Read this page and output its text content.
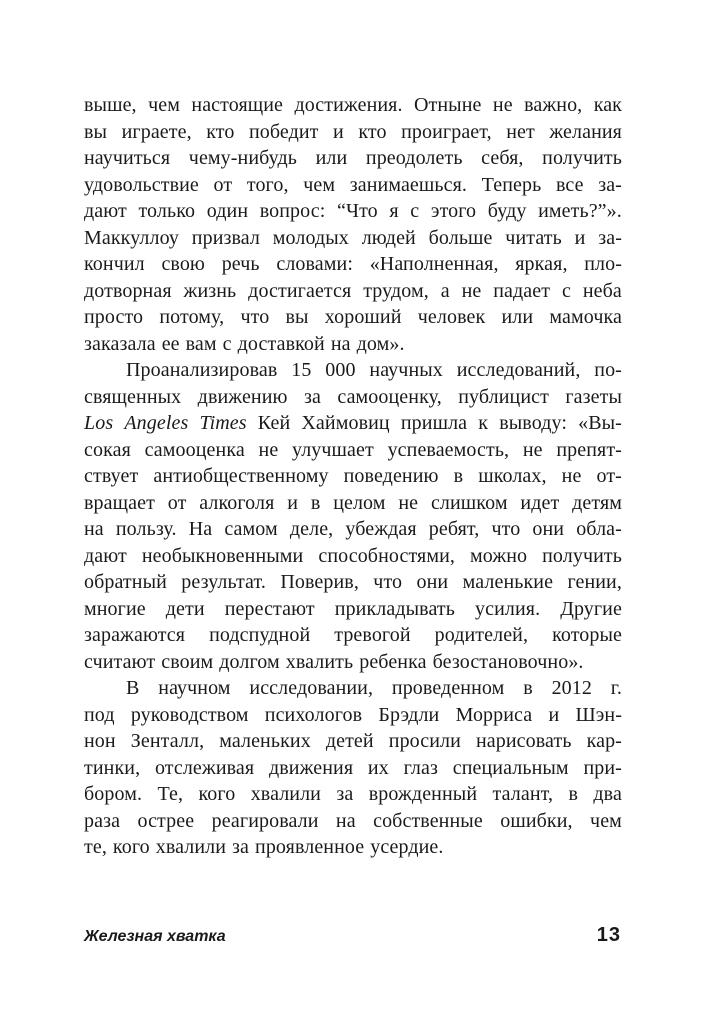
выше, чем настоящие достижения. Отныне не важно, как
вы играете, кто победит и кто проиграет, нет желания
научиться чему-нибудь или преодолеть себя, получить
удовольствие от того, чем занимаешься. Теперь все за-
дают только один вопрос: “Что я с этого буду иметь?”».
Маккуллоу призвал молодых людей больше читать и за-
кончил свою речь словами: «Наполненная, яркая, пло-
дотворная жизнь достигается трудом, а не падает с неба
просто потому, что вы хороший человек или мамочка
заказала ее вам с доставкой на дом».
Проанализировав 15 000 научных исследований, по-
священных движению за самооценку, публицист газеты
Los Angeles Times Кей Хаймовиц пришла к выводу: «Вы-
сокая самооценка не улучшает успеваемость, не препят-
ствует антиобщественному поведению в школах, не от-
вращает от алкоголя и в целом не слишком идет детям
на пользу. На самом деле, убеждая ребят, что они обла-
дают необыкновенными способностями, можно получить
обратный результат. Поверив, что они маленькие гении,
многие дети перестают прикладывать усилия. Другие
заражаются подспудной тревогой родителей, которые
считают своим долгом хвалить ребенка безостановочно».
В научном исследовании, проведенном в 2012 г.
под руководством психологов Брэдли Морриса и Шэн-
нон Зенталл, маленьких детей просили нарисовать кар-
тинки, отслеживая движения их глаз специальным при-
бором. Те, кого хвалили за врожденный талант, в два
раза острее реагировали на собственные ошибки, чем
те, кого хвалили за проявленное усердие.
Железная хватка	13
